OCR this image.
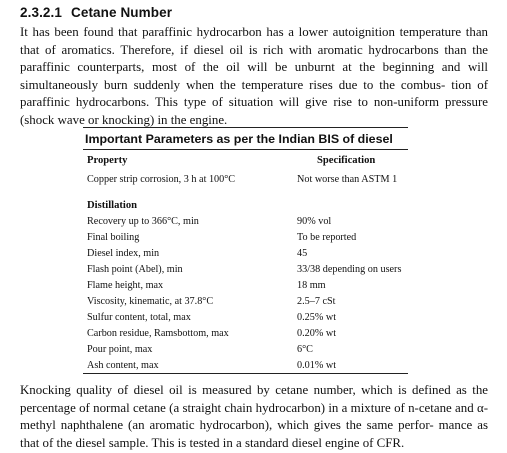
2.3.2.1 Cetane Number

It has been found that paraffinic hydrocarbon has a lower autoignition temperature than that of aromatics. Therefore, if diesel oil is rich with aromatic hydrocarbons than the paraffinic counterparts, most of the oil will be unburnt at the beginning and will simultaneously burn suddenly when the temperature rises due to the combus- tion of paraffinic hydrocarbons. This type of situation will give rise to non-uniform pressure (shock wave or knocking) in the engine.

Important Parameters as per the Indian BIS of diesel
Property	Specification
Copper strip corrosion, 3 h at 100°C	Not worse than ASTM 1
Distillation
Recovery up to 366°C, min	90% vol
Final boiling	To be reported
Diesel index, min	45
Flash point (Abel), min	33/38 depending on users
Flame height, max	18 mm
Viscosity, kinematic, at 37.8°C	2.5–7 cSt
Sulfur content, total, max	0.25% wt
Carbon residue, Ramsbottom, max	0.20% wt
Pour point, max	6°C
Ash content, max	0.01% wt

Knocking quality of diesel oil is measured by cetane number, which is defined as the percentage of normal cetane (a straight chain hydrocarbon) in a mixture of n-cetane and α-methyl naphthalene (an aromatic hydrocarbon), which gives the same perfor- mance as that of the diesel sample. This is tested in a standard diesel engine of CFR.
